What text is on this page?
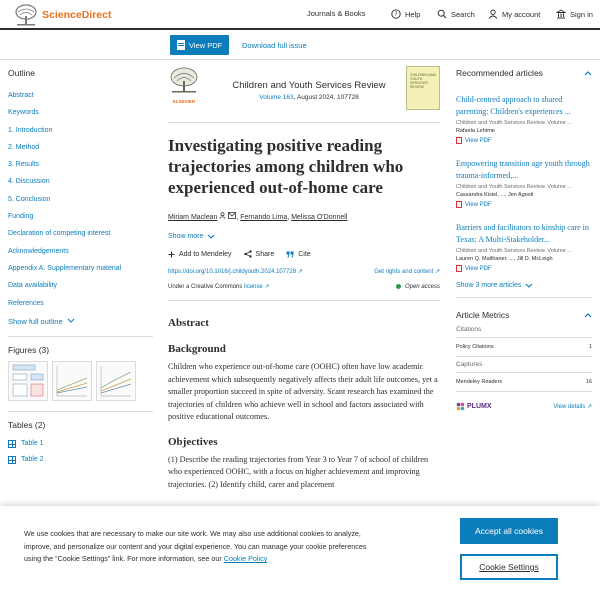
ScienceDirect	Journals & Books	? Help	Search	My account	Sign in
View PDF	Download full issue
Outline
Abstract
Keywords
1. Introduction
2. Method
3. Results
4. Discussion
5. Conclusion
Funding
Declaration of competing interest
Acknowledgements
Appendix A. Supplementary material
Data availability
References
Show full outline
Figures (3)
Tables (2)
Table 1
Table 2
ELSEVIER
Children and Youth Services Review
Volume 163, August 2024, 107728
CHILDREN AND YOUTH SERVICES REVIEW
Investigating positive reading trajectories among children who experienced out-of-home care
Miriam Maclean	, Fernando Lima, Melissa O'Donnell
Show more
Add to Mendeley	Share	Cite
https://doi.org/10.1016/j.childyouth.2024.107728 ↗	Get rights and content ↗
Under a Creative Commons license ↗	Open access
Abstract
Background

Children who experience out-of-home care (OOHC) often have low academic achievement which subsequently negatively affects their adult life outcomes, yet a smaller proportion succeed in spite of adversity. Scant research has examined the trajectories of children who achieve well in school and factors associated with positive educational outcomes.

Objectives

(1) Describe the reading trajectories from Year 3 to Year 7 of school of children who experienced OOHC, with a focus on higher achievement and improving trajectories. (2) Identify child, carer and placement

Recommended articles
Child-centred approach to shared parenting: Children's experiences ...
Children and Youth Services Review, Volume ...
Rafaela Lehtme
View PDF
Empowering transition age youth through trauma-informed,...
Children and Youth Services Review, Volume ...
Cassandra Kisiel, ..., Jen Agosti
View PDF
Barriers and facilitators to kinship care in Texas: A Multi-Stakeholder...
Children and Youth Services Review, Volume ...
Lauren Q. Malthaner, ..., Jill D. McLeigh
View PDF
Show 3 more articles
Article Metrics
Citations
Policy Citations	1
Captures
Mendeley Readers	16
PLUMX	View details ↗

We use cookies that are necessary to make our site work. We may also use additional cookies to analyze, improve, and personalize our content and your digital experience. You can manage your cookie preferences using the “Cookie Settings” link. For more information, see our Cookie Policy

Accept all cookies
Cookie Settings
